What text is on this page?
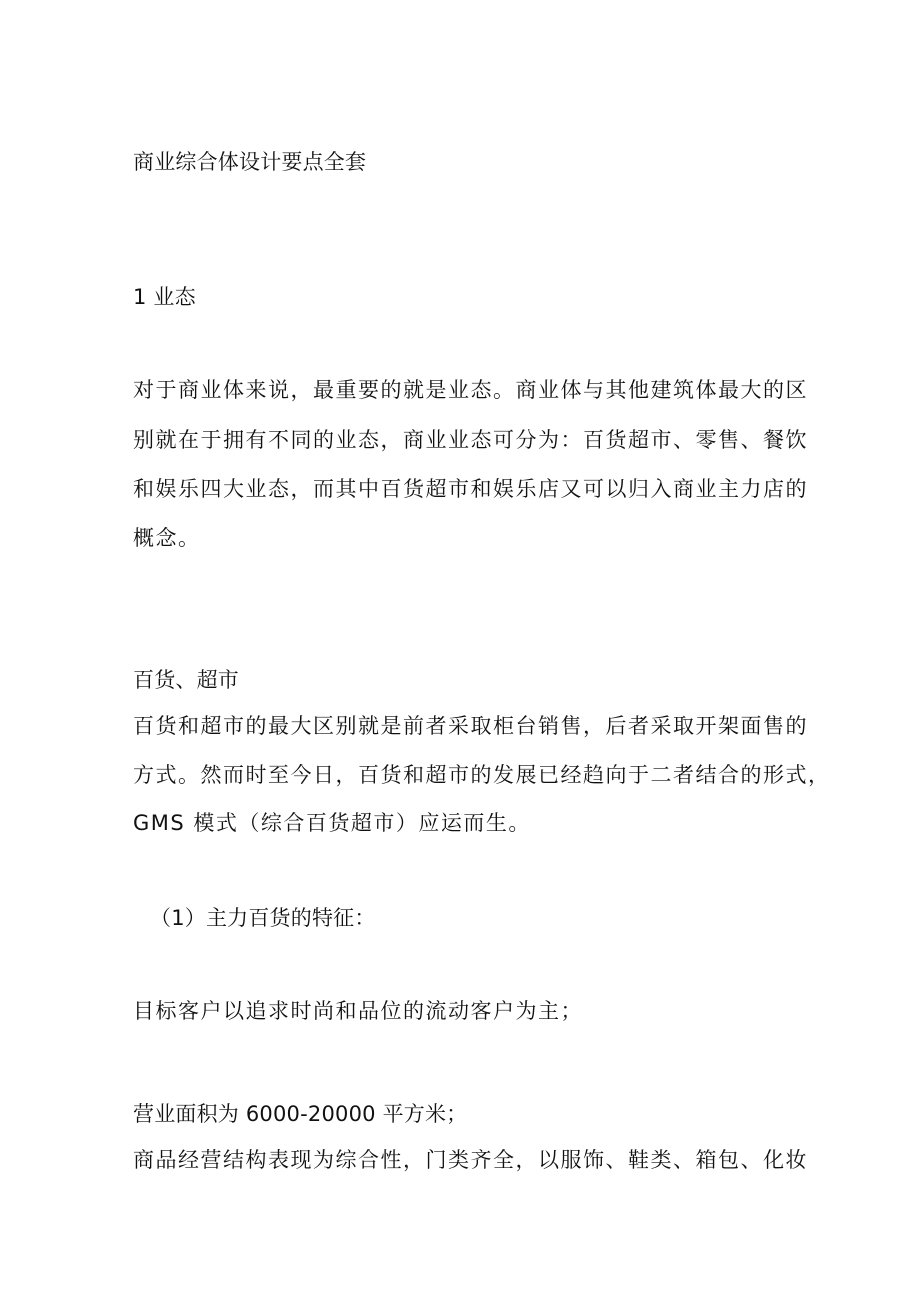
商业综合体设计要点全套

1 业态

对于商业体来说，最重要的就是业态。商业体与其他建筑体最大的区

别就在于拥有不同的业态，商业业态可分为：百货超市、零售、餐饮

和娱乐四大业态，而其中百货超市和娱乐店又可以归入商业主力店的

概念。

百货、超市

百货和超市的最大区别就是前者采取柜台销售，后者采取开架面售的

方式。然而时至今日，百货和超市的发展已经趋向于二者结合的形式，

GMS 模式（综合百货超市）应运而生。

（1）主力百货的特征：

目标客户以追求时尚和品位的流动客户为主；

营业面积为 6000-20000 平方米；

商品经营结构表现为综合性，门类齐全，以服饰、鞋类、箱包、化妆
